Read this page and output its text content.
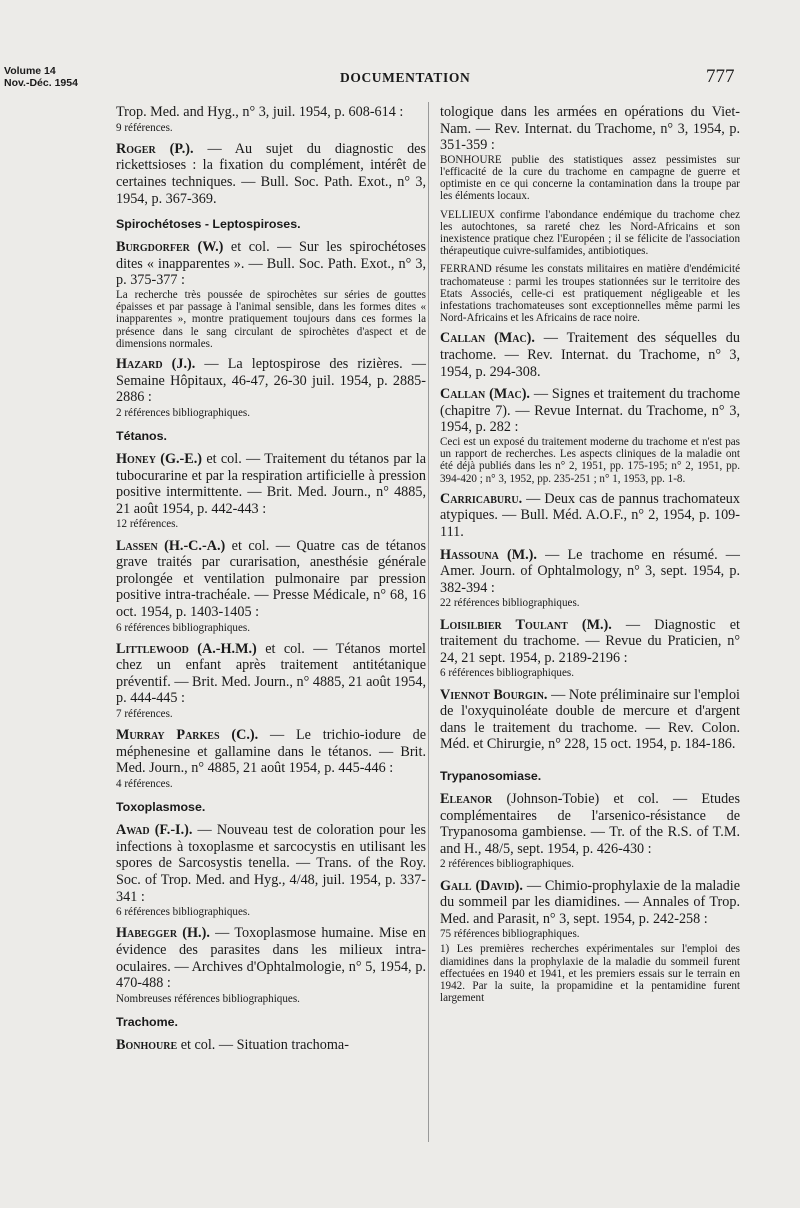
Volume 14
Nov.-Déc. 1954	DOCUMENTATION	777

Trop. Med. and Hyg., n° 3, juil. 1954, p. 608-614 :

9 références.

Roger (P.). — Au sujet du diagnostic des rickettsioses : la fixation du complément, intérêt de certaines techniques. — Bull. Soc. Path. Exot., n° 3, 1954, p. 367-369.

Spirochétoses - Leptospiroses.

Burgdorfer (W.) et col. — Sur les spirochétoses dites « inapparentes ». — Bull. Soc. Path. Exot., n° 3, p. 375-377 :

La recherche très poussée de spirochètes sur séries de gouttes épaisses et par passage à l'animal sensible, dans les formes dites « inapparentes », montre pratiquement toujours dans ces formes la présence dans le sang circulant de spirochètes d'aspect et de dimensions normales.

Hazard (J.). — La leptospirose des rizières. — Semaine Hôpitaux, 46-47, 26-30 juil. 1954, p. 2885-2886 :

2 références bibliographiques.

Tétanos.

Honey (G.-E.) et col. — Traitement du tétanos par la tubocurarine et par la respiration artificielle à pression positive intermittente. — Brit. Med. Journ., n° 4885, 21 août 1954, p. 442-443 :

12 références.

Lassen (H.-C.-A.) et col. — Quatre cas de tétanos grave traités par curarisation, anesthésie générale prolongée et ventilation pulmonaire par pression positive intra-trachéale. — Presse Médicale, n° 68, 16 oct. 1954, p. 1403-1405 :

6 références bibliographiques.

Littlewood (A.-H.M.) et col. — Tétanos mortel chez un enfant après traitement antitétanique préventif. — Brit. Med. Journ., n° 4885, 21 août 1954, p. 444-445 :

7 références.

Murray Parkes (C.). — Le trichio-iodure de méphenesine et gallamine dans le tétanos. — Brit. Med. Journ., n° 4885, 21 août 1954, p. 445-446 :

4 références.

Toxoplasmose.

Awad (F.-I.). — Nouveau test de coloration pour les infections à toxoplasme et sarcocystis en utilisant les spores de Sarcosystis tenella. — Trans. of the Roy. Soc. of Trop. Med. and Hyg., 4/48, juil. 1954, p. 337-341 :

6 références bibliographiques.

Habegger (H.). — Toxoplasmose humaine. Mise en évidence des parasites dans les milieux intra-oculaires. — Archives d'Ophtalmologie, n° 5, 1954, p. 470-488 :

Nombreuses références bibliographiques.

Trachome.

Bonhoure et col. — Situation trachoma-

tologique dans les armées en opérations du Viet-Nam. — Rev. Internat. du Trachome, n° 3, 1954, p. 351-359 :

BONHOURE publie des statistiques assez pessimistes sur l'efficacité de la cure du trachome en campagne de guerre et optimiste en ce qui concerne la contamination dans la troupe par les éléments locaux.

VELLIEUX confirme l'abondance endémique du trachome chez les autochtones, sa rareté chez les Nord-Africains et son inexistence pratique chez l'Européen ; il se félicite de l'association thérapeutique cuivre-sulfamides, antibiotiques.

FERRAND résume les constats militaires en matière d'endémicité trachomateuse : parmi les troupes stationnées sur le territoire des Etats Associés, celle-ci est pratiquement négligeable et les infestations trachomateuses sont exceptionnelles même parmi les Nord-Africains et les Africains de race noire.

Callan (Mac). — Traitement des séquelles du trachome. — Rev. Internat. du Trachome, n° 3, 1954, p. 294-308.

Callan (Mac). — Signes et traitement du trachome (chapitre 7). — Revue Internat. du Trachome, n° 3, 1954, p. 282 :

Ceci est un exposé du traitement moderne du trachome et n'est pas un rapport de recherches. Les aspects cliniques de la maladie ont été déjà publiés dans les n° 2, 1951, pp. 175-195; n° 2, 1951, pp. 394-420 ; n° 3, 1952, pp. 235-251 ; n° 1, 1953, pp. 1-8.

Carricaburu. — Deux cas de pannus trachomateux atypiques. — Bull. Méd. A.O.F., n° 2, 1954, p. 109-111.

Hassouna (M.). — Le trachome en résumé. — Amer. Journ. of Ophtalmology, n° 3, sept. 1954, p. 382-394 :

22 références bibliographiques.

Loisilbier Toulant (M.). — Diagnostic et traitement du trachome. — Revue du Praticien, n° 24, 21 sept. 1954, p. 2189-2196 :

6 références bibliographiques.

Viennot Bourgin. — Note préliminaire sur l'emploi de l'oxyquinoléate double de mercure et d'argent dans le traitement du trachome. — Rev. Colon. Méd. et Chirurgie, n° 228, 15 oct. 1954, p. 184-186.

Trypanosomiase.

Eleanor (Johnson-Tobie) et col. — Etudes complémentaires de l'arsenico-résistance de Trypanosoma gambiense. — Tr. of the R.S. of T.M. and H., 48/5, sept. 1954, p. 426-430 :

2 références bibliographiques.

Gall (David). — Chimio-prophylaxie de la maladie du sommeil par les diamidines. — Annales of Trop. Med. and Parasit, n° 3, sept. 1954, p. 242-258 :

75 références bibliographiques.

1) Les premières recherches expérimentales sur l'emploi des diamidines dans la prophylaxie de la maladie du sommeil furent effectuées en 1940 et 1941, et les premiers essais sur le terrain en 1942. Par la suite, la propamidine et la pentamidine furent largement
